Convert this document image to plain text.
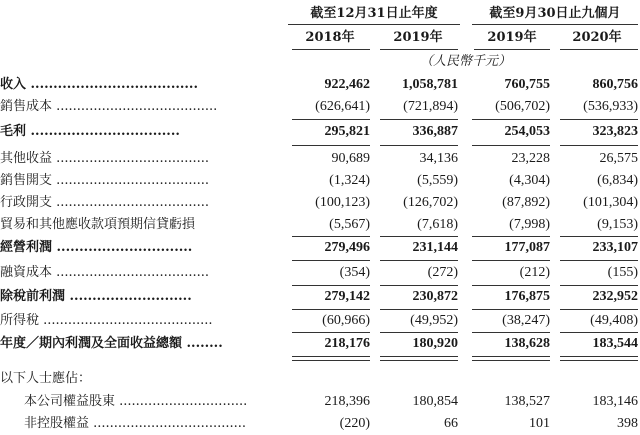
截至12月31日止年度	截至9月30日止九個月
2018年	2019年	2019年	2020年
（人民幣千元）
收入 .....................................	922,462	1,058,781	760,755	860,756
銷售成本 .......................................	(626,641)	(721,894)	(506,702)	(536,933)
毛利 .................................	295,821	336,887	254,053	323,823
其他收益 .....................................	90,689	34,136	23,228	26,575
銷售開支 .....................................	(1,324)	(5,559)	(4,304)	(6,834)
行政開支 .....................................	(100,123)	(126,702)	(87,892)	(101,304)
貿易和其他應收款項預期信貸虧損	(5,567)	(7,618)	(7,998)	(9,153)
經營利潤 ..............................	279,496	231,144	177,087	233,107
融資成本 .....................................	(354)	(272)	(212)	(155)
除稅前利潤 ...........................	279,142	230,872	176,875	232,952
所得稅 .........................................	(60,966)	(49,952)	(38,247)	(49,408)
年度／期內利潤及全面收益總額 ........	218,176	180,920	138,628	183,544
以下人士應佔：
本公司權益股東 ...............................	218,396	180,854	138,527	183,146
非控股權益 .....................................	(220)	66	101	398
